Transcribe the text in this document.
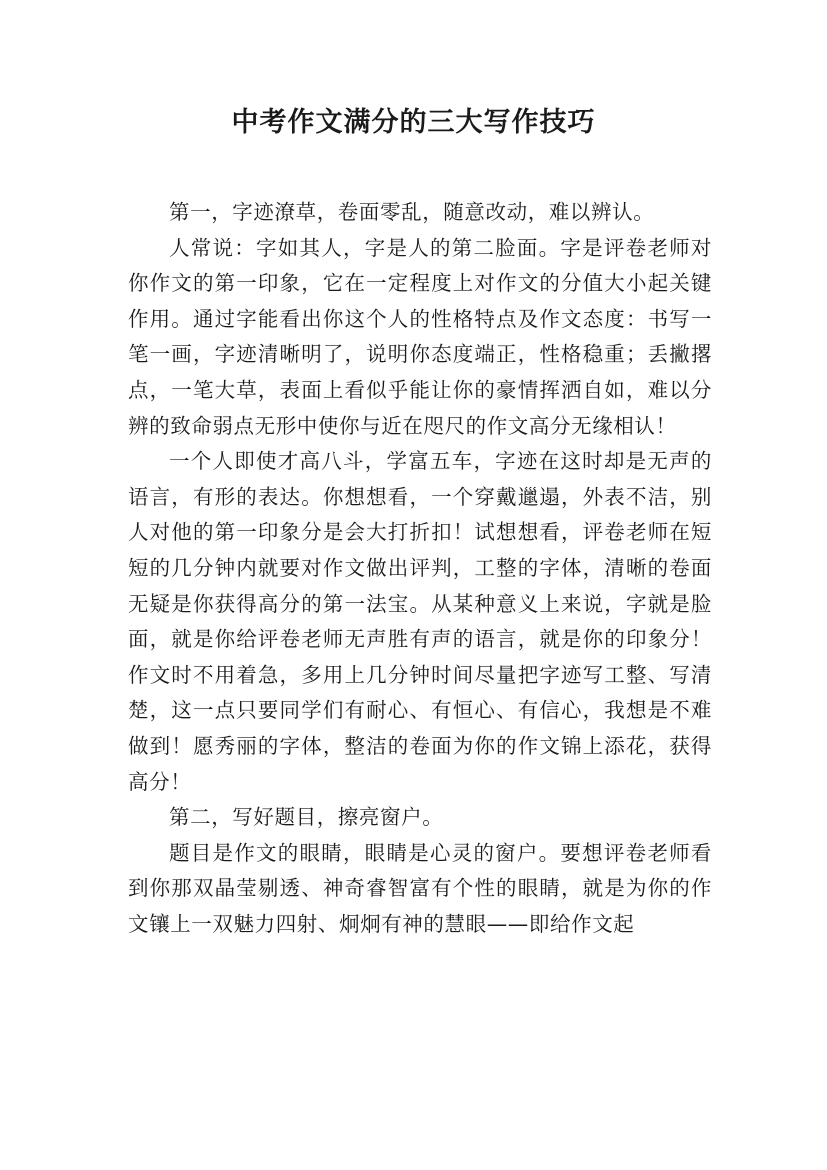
中考作文满分的三大写作技巧

第一，字迹潦草，卷面零乱，随意改动，难以辨认。

人常说：字如其人，字是人的第二脸面。字是评卷老师对你作文的第一印象，它在一定程度上对作文的分值大小起关键作用。通过字能看出你这个人的性格特点及作文态度：书写一笔一画，字迹清晰明了，说明你态度端正，性格稳重；丢撇撂点，一笔大草，表面上看似乎能让你的豪情挥洒自如，难以分辨的致命弱点无形中使你与近在咫尺的作文高分无缘相认！

一个人即使才高八斗，学富五车，字迹在这时却是无声的语言，有形的表达。你想想看，一个穿戴邋遢，外表不洁，别人对他的第一印象分是会大打折扣！试想想看，评卷老师在短短的几分钟内就要对作文做出评判，工整的字体，清晰的卷面无疑是你获得高分的第一法宝。从某种意义上来说，字就是脸面，就是你给评卷老师无声胜有声的语言，就是你的印象分！作文时不用着急，多用上几分钟时间尽量把字迹写工整、写清楚，这一点只要同学们有耐心、有恒心、有信心，我想是不难做到！愿秀丽的字体，整洁的卷面为你的作文锦上添花，获得高分！

第二，写好题目，擦亮窗户。

题目是作文的眼睛，眼睛是心灵的窗户。要想评卷老师看到你那双晶莹剔透、神奇睿智富有个性的眼睛，就是为你的作文镶上一双魅力四射、炯炯有神的慧眼——即给作文起
